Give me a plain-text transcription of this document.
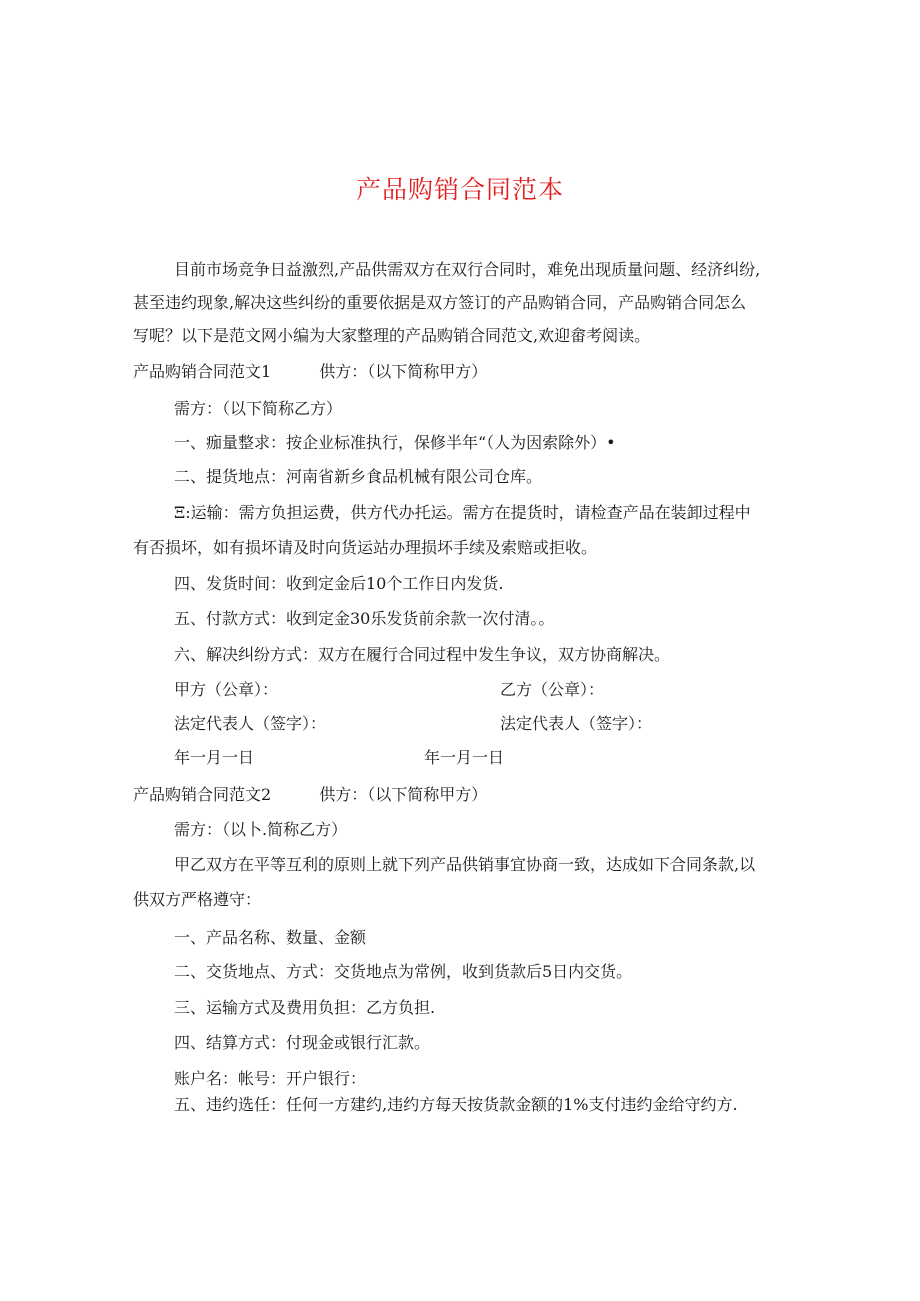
产品购销合同范本
目前市场竞争日益激烈,产品供需双方在双行合同时，难免出现质量问题、经济纠纷,
甚至违约现象,解决这些纠纷的重要依据是双方签订的产品购销合同，产品购销合同怎么
写呢？以下是范文网小编为大家整理的产品购销合同范文,欢迎畲考阅读。
产品购销合同范文1	供方：（以下简称甲方）
需方：（以下简称乙方）
一、痂量整求：按企业标准执行，保修半年“（人为因索除外）•
二、提货地点：河南省新乡食品机械有限公司仓库。
Ξ:运输：需方负担运费，供方代办托运。需方在提货时，请检查产品在装卸过程中
有否损坏，如有损坏请及时向货运站办理损坏手续及索赔或拒收。
四、发货时间：收到定金后10个工作日内发货.
五、付款方式：收到定金30乐发货前余款一次付清。。
六、解决纠纷方式：双方在履行合同过程中发生争议，双方协商解决。
甲方（公章）：	乙方（公章）：
法定代表人（签字）：	法定代表人（签字）：
年一月一日	年一月一日
产品购销合同范文2	供方：（以下简称甲方）
需方：（以卜.简称乙方）
甲乙双方在平等互利的原则上就下列产品供销事宜协商一致，达成如下合同条款,以
供双方严格遵守：
一、产品名称、数量、金额
二、交货地点、方式：交货地点为常例，收到货款后5日内交货。
三、运输方式及费用负担：乙方负担.
四、结算方式：付现金或银行汇款。
账户名：帐号：开户银行：
五、违约选任：任何一方建约,违约方每天按货款金额的1%支付违约金给守约方.
